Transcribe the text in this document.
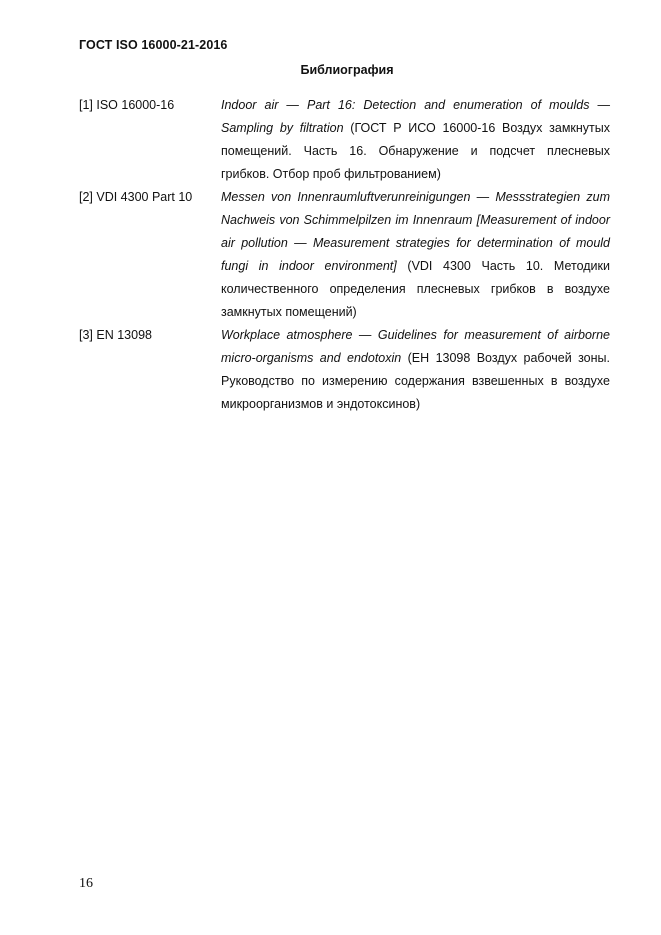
ГОСТ ISO 16000-21-2016
Библиография
[1] ISO 16000-16	Indoor air — Part 16: Detection and enumeration of moulds — Sampling by filtration (ГОСТ Р ИСО 16000-16 Воздух замкнутых помещений. Часть 16. Обнаружение и подсчет плесневых грибков. Отбор проб фильтрованием)
[2] VDI 4300 Part 10 Messen von Innenraumluftverunreinigungen — Messstrategien zum Nachweis von Schimmelpilzen im Innenraum [Measurement of indoor air pollution — Measurement strategies for determination of mould fungi in indoor environment] (VDI 4300 Часть 10. Методики количественного определения плесневых грибков в воздухе замкнутых помещений)
[3] EN 13098	Workplace atmosphere — Guidelines for measurement of airborne micro-organisms and endotoxin (ЕН 13098 Воздух рабочей зоны. Руководство по измерению содержания взвешенных в воздухе микроорганизмов и эндотоксинов)
16
